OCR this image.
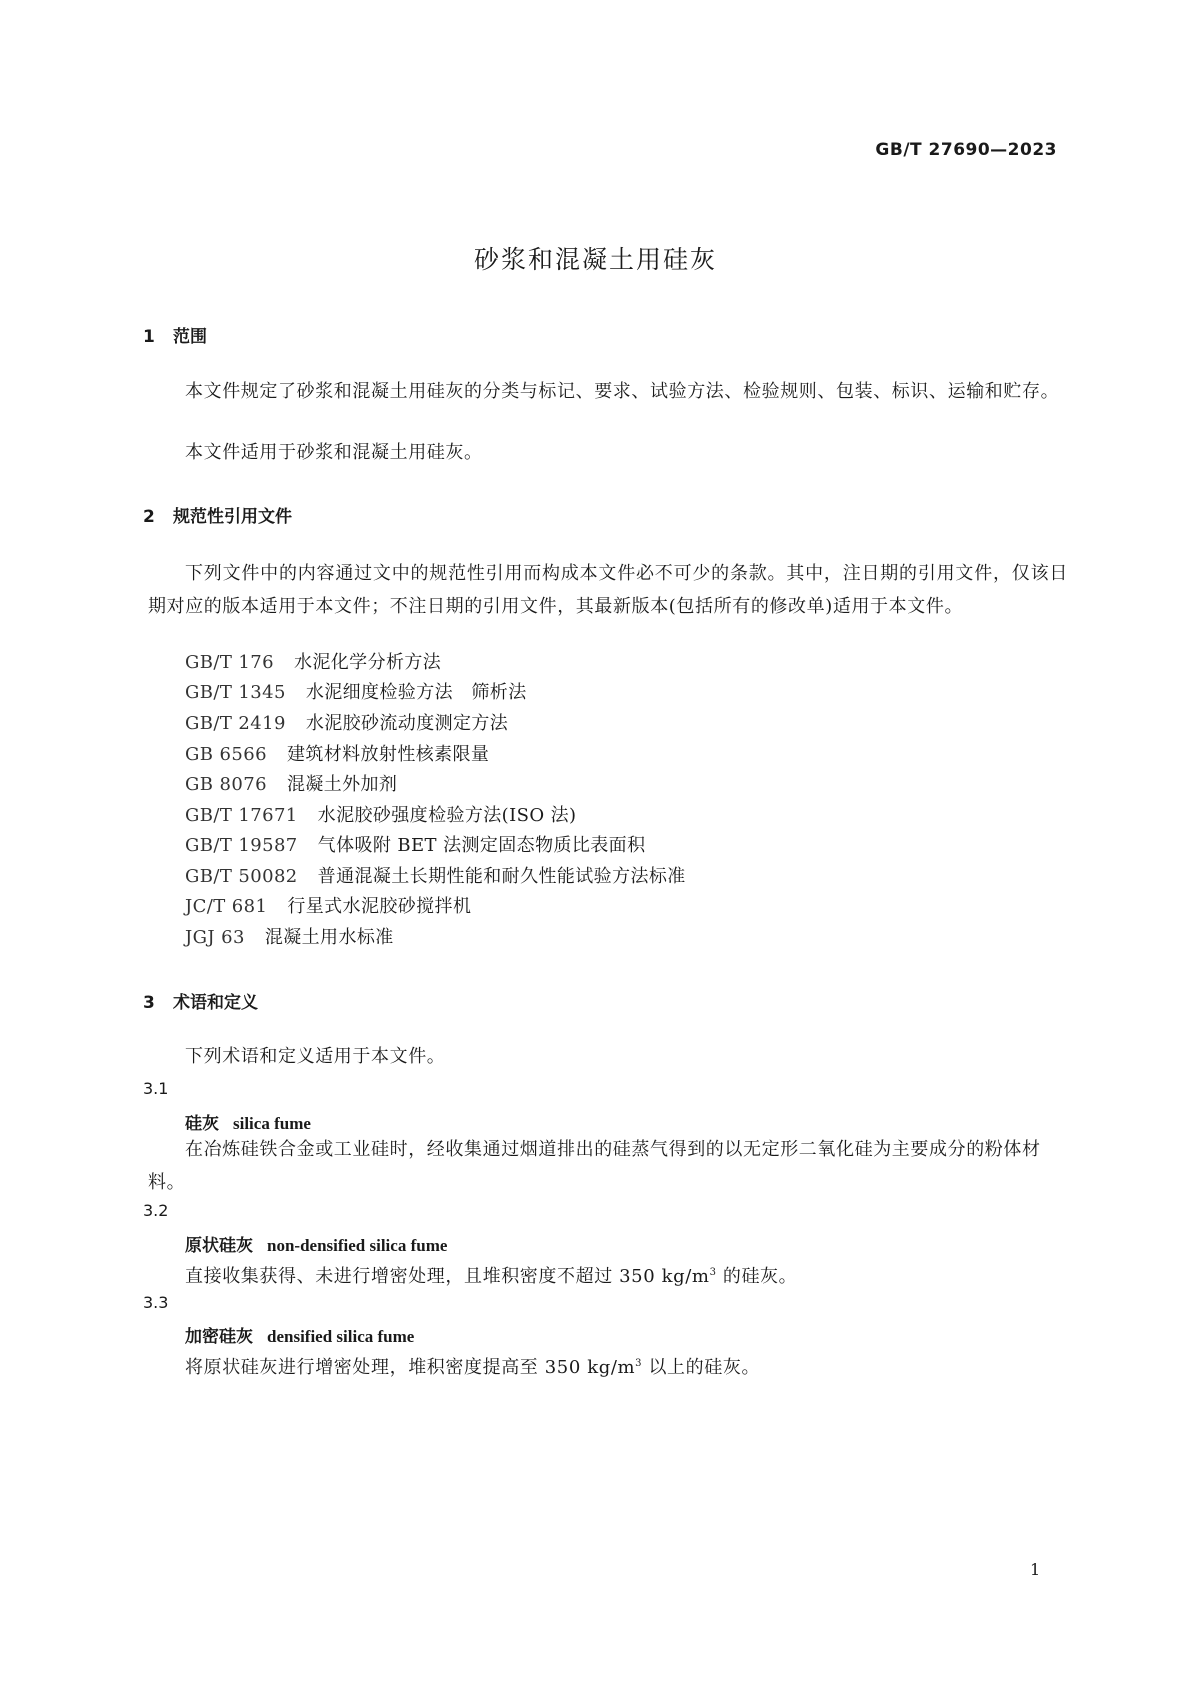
GB/T 27690—2023
砂浆和混凝土用硅灰
1 范围
本文件规定了砂浆和混凝土用硅灰的分类与标记、要求、试验方法、检验规则、包装、标识、运输和贮存。
本文件适用于砂浆和混凝土用硅灰。
2 规范性引用文件
下列文件中的内容通过文中的规范性引用而构成本文件必不可少的条款。其中，注日期的引用文件，仅该日期对应的版本适用于本文件；不注日期的引用文件，其最新版本(包括所有的修改单)适用于本文件。
GB/T 176 水泥化学分析方法
GB/T 1345 水泥细度检验方法　筛析法
GB/T 2419 水泥胶砂流动度测定方法
GB 6566 建筑材料放射性核素限量
GB 8076 混凝土外加剂
GB/T 17671 水泥胶砂强度检验方法(ISO 法)
GB/T 19587 气体吸附 BET 法测定固态物质比表面积
GB/T 50082 普通混凝土长期性能和耐久性能试验方法标准
JC/T 681 行星式水泥胶砂搅拌机
JGJ 63 混凝土用水标准
3 术语和定义
下列术语和定义适用于本文件。
3.1
硅灰 silica fume
在冶炼硅铁合金或工业硅时，经收集通过烟道排出的硅蒸气得到的以无定形二氧化硅为主要成分的粉体材料。
3.2
原状硅灰 non-densified silica fume
直接收集获得、未进行增密处理，且堆积密度不超过 350 $kg/m^3$ 的硅灰。
3.3
加密硅灰 densified silica fume
将原状硅灰进行增密处理，堆积密度提高至 350 $kg/m^3$ 以上的硅灰。
1
